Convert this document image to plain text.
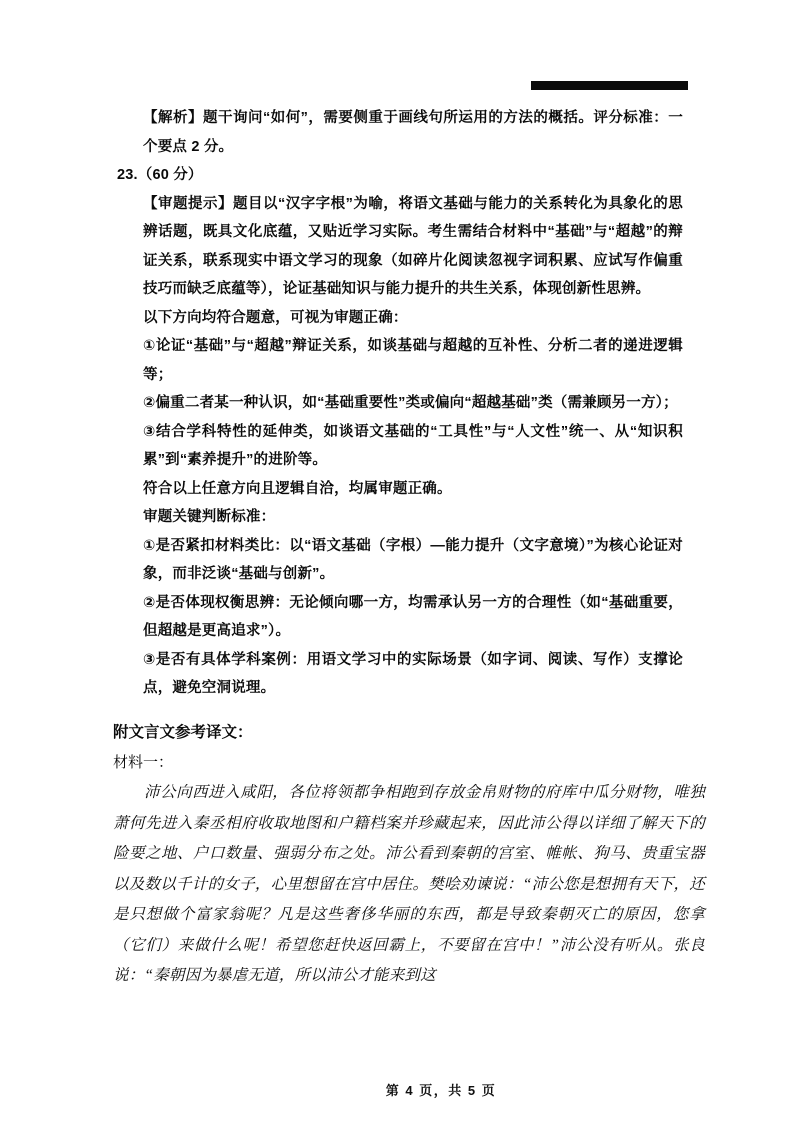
【解析】题干询问“如何”，需要侧重于画线句所运用的方法的概括。评分标准：一个要点 2 分。

23.（60 分）

【审题提示】题目以“汉字字根”为喻，将语文基础与能力的关系转化为具象化的思辨话题，既具文化底蕴，又贴近学习实际。考生需结合材料中“基础”与“超越”的辩证关系，联系现实中语文学习的现象（如碎片化阅读忽视字词积累、应试写作偏重技巧而缺乏底蕴等），论证基础知识与能力提升的共生关系，体现创新性思辨。

以下方向均符合题意，可视为审题正确：

①论证“基础”与“超越”辩证关系，如谈基础与超越的互补性、分析二者的递进逻辑等；

②偏重二者某一种认识，如“基础重要性”类或偏向“超越基础”类（需兼顾另一方）；

③结合学科特性的延伸类，如谈语文基础的“工具性”与“人文性”统一、从“知识积累”到“素养提升”的进阶等。

符合以上任意方向且逻辑自洽，均属审题正确。

审题关键判断标准：

①是否紧扣材料类比：以“语文基础（字根）—能力提升（文字意境）”为核心论证对象，而非泛谈“基础与创新”。

②是否体现权衡思辨：无论倾向哪一方，均需承认另一方的合理性（如“基础重要，但超越是更高追求”）。

③是否有具体学科案例：用语文学习中的实际场景（如字词、阅读、写作）支撑论点，避免空洞说理。

附文言文参考译文：

材料一：

沛公向西进入咸阳，各位将领都争相跑到存放金帛财物的府库中瓜分财物，唯独萧何先进入秦丞相府收取地图和户籍档案并珍藏起来，因此沛公得以详细了解天下的险要之地、户口数量、强弱分布之处。沛公看到秦朝的宫室、帷帐、狗马、贵重宝器以及数以千计的女子，心里想留在宫中居住。樊哙劝谏说：“沛公您是想拥有天下，还是只想做个富家翁呢？凡是这些奢侈华丽的东西，都是导致秦朝灭亡的原因，您拿（它们）来做什么呢！希望您赶快返回霸上，不要留在宫中！”沛公没有听从。张良说：“秦朝因为暴虐无道，所以沛公才能来到这

第 4 页，共 5 页
